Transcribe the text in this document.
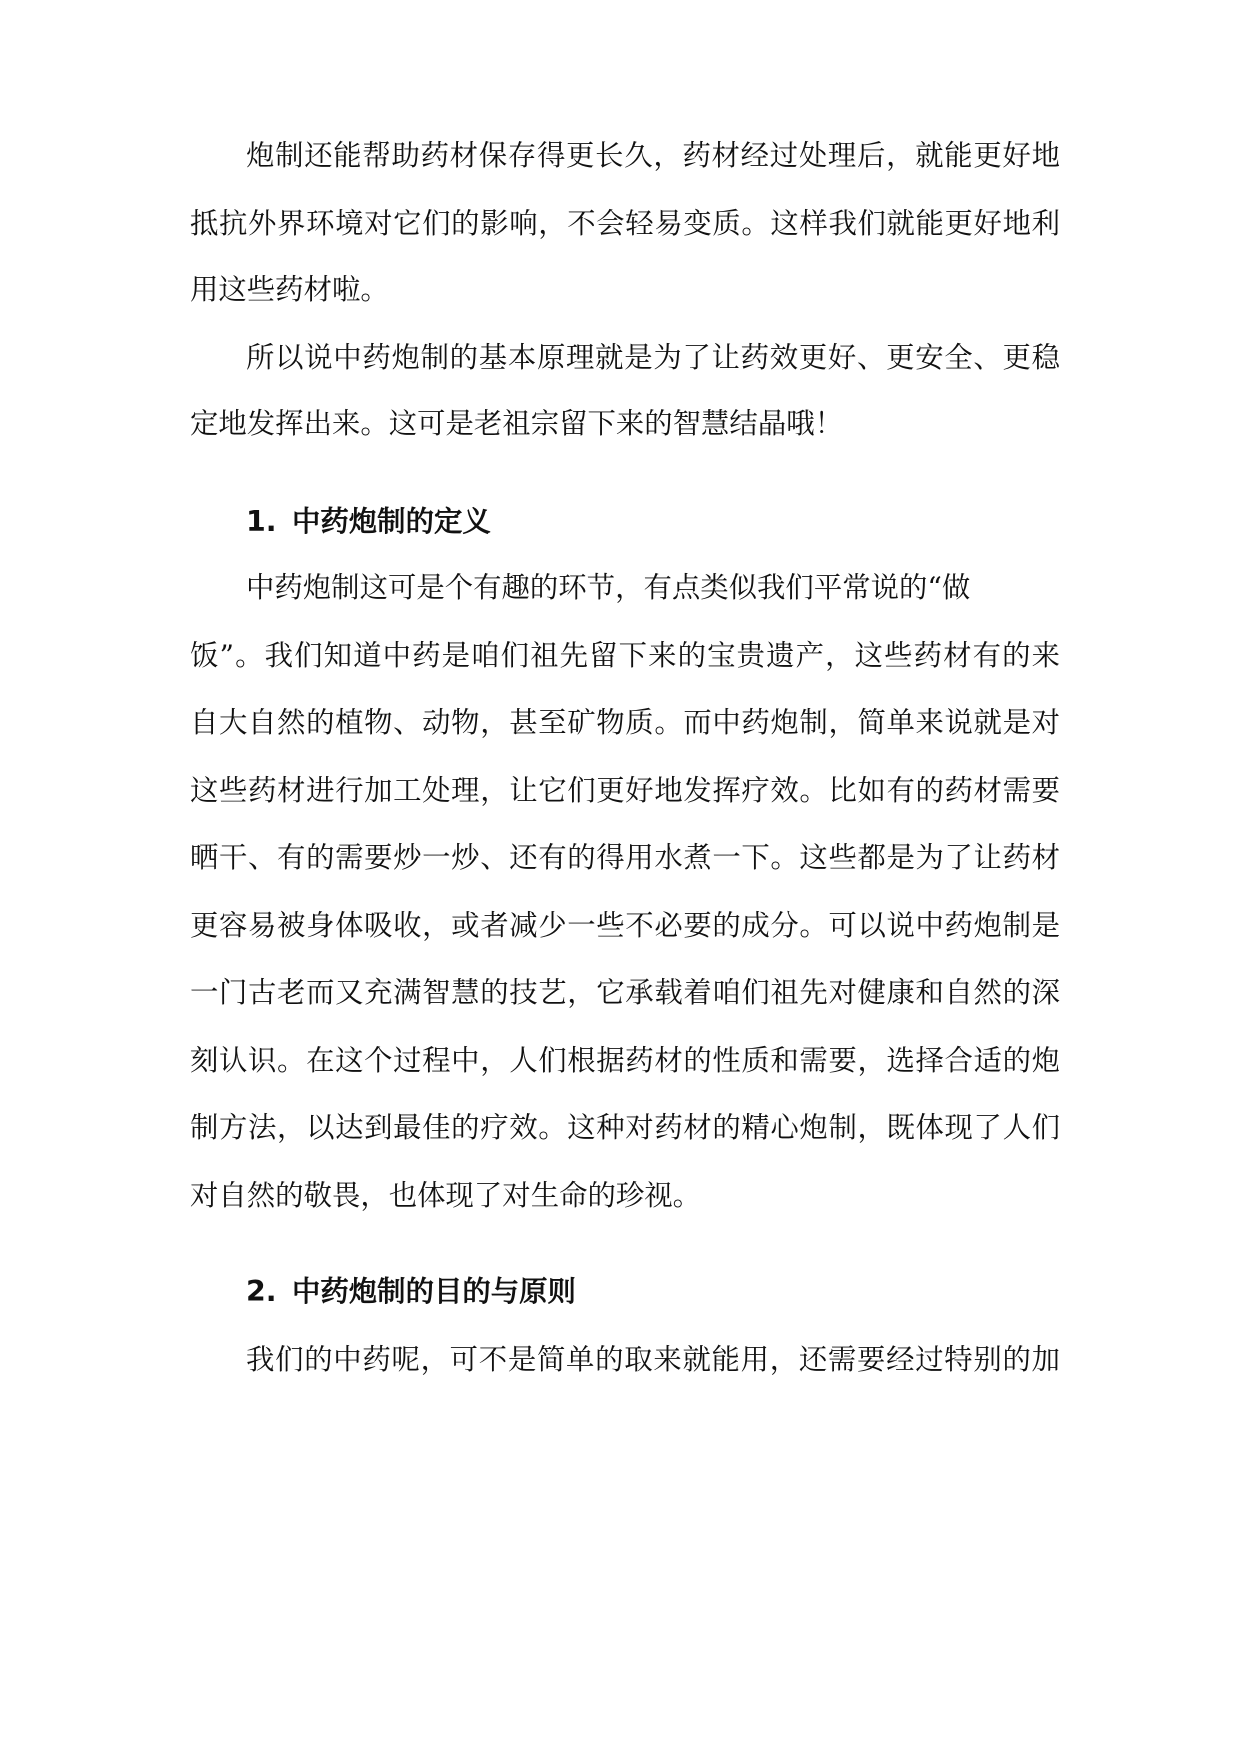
炮制还能帮助药材保存得更长久，药材经过处理后，就能更好地
抵抗外界环境对它们的影响，不会轻易变质。这样我们就能更好地利
用这些药材啦。
所以说中药炮制的基本原理就是为了让药效更好、更安全、更稳
定地发挥出来。这可是老祖宗留下来的智慧结晶哦！
1. 中药炮制的定义
中药炮制这可是个有趣的环节，有点类似我们平常说的“做
饭”。我们知道中药是咱们祖先留下来的宝贵遗产，这些药材有的来
自大自然的植物、动物，甚至矿物质。而中药炮制，简单来说就是对
这些药材进行加工处理，让它们更好地发挥疗效。比如有的药材需要
晒干、有的需要炒一炒、还有的得用水煮一下。这些都是为了让药材
更容易被身体吸收，或者减少一些不必要的成分。可以说中药炮制是
一门古老而又充满智慧的技艺，它承载着咱们祖先对健康和自然的深
刻认识。在这个过程中，人们根据药材的性质和需要，选择合适的炮
制方法，以达到最佳的疗效。这种对药材的精心炮制，既体现了人们
对自然的敬畏，也体现了对生命的珍视。
2. 中药炮制的目的与原则
我们的中药呢，可不是简单的取来就能用，还需要经过特别的加
